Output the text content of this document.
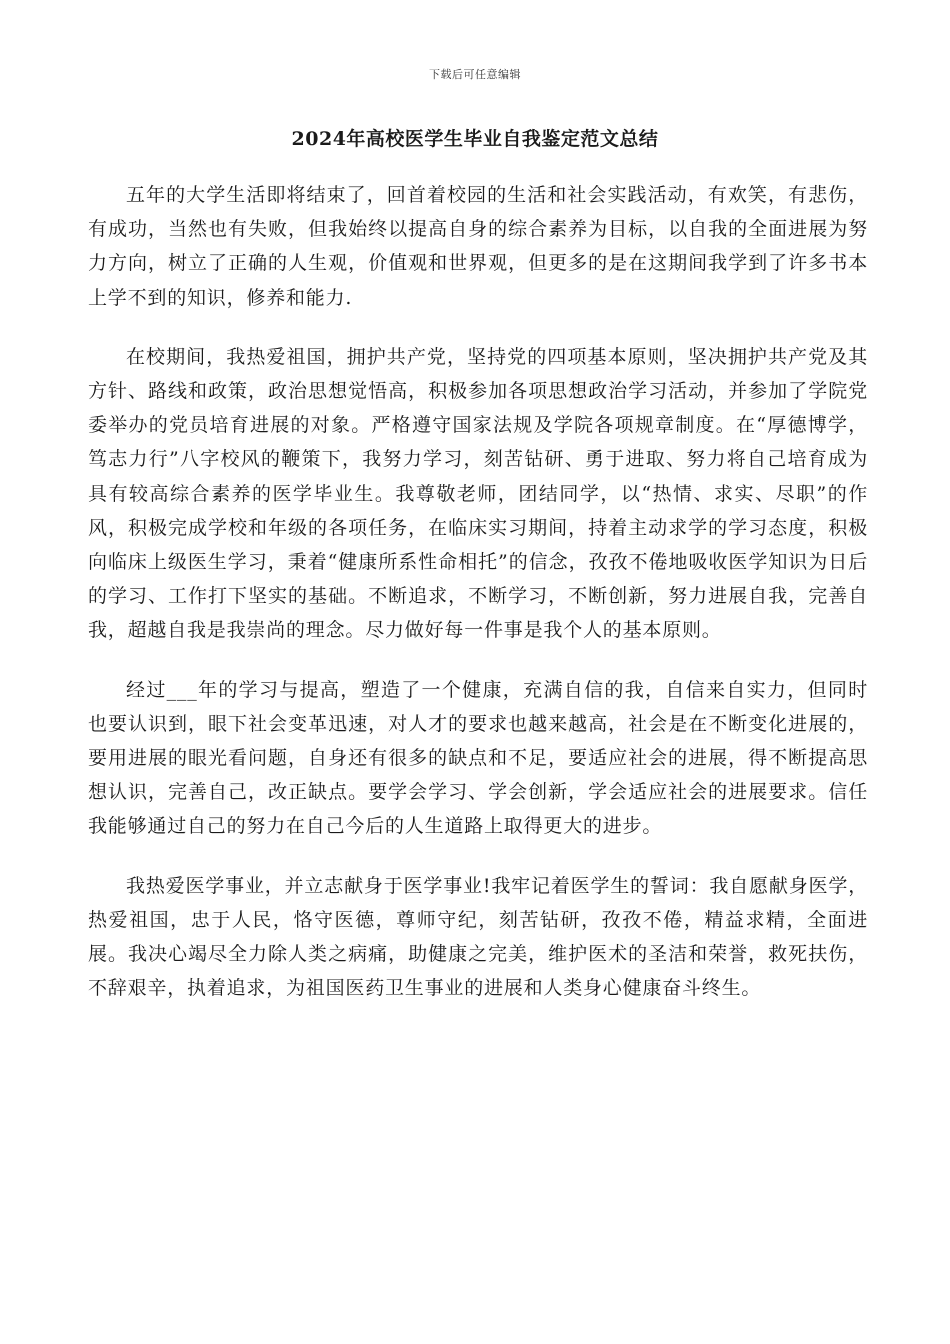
下载后可任意编辑
2024年高校医学生毕业自我鉴定范文总结

五年的大学生活即将结束了，回首着校园的生活和社会实践活动，有欢笑，有悲伤，有成功，当然也有失败，但我始终以提高自身的综合素养为目标，以自我的全面进展为努力方向，树立了正确的人生观，价值观和世界观，但更多的是在这期间我学到了许多书本上学不到的知识，修养和能力.

在校期间，我热爱祖国，拥护共产党，坚持党的四项基本原则，坚决拥护共产党及其方针、路线和政策，政治思想觉悟高，积极参加各项思想政治学习活动，并参加了学院党委举办的党员培育进展的对象。严格遵守国家法规及学院各项规章制度。在“厚德博学，笃志力行”八字校风的鞭策下，我努力学习，刻苦钻研、勇于进取、努力将自己培育成为具有较高综合素养的医学毕业生。我尊敬老师，团结同学，以“热情、求实、尽职”的作风，积极完成学校和年级的各项任务，在临床实习期间，持着主动求学的学习态度，积极向临床上级医生学习，秉着“健康所系性命相托”的信念，孜孜不倦地吸收医学知识为日后的学习、工作打下坚实的基础。不断追求，不断学习，不断创新，努力进展自我，完善自我，超越自我是我崇尚的理念。尽力做好每一件事是我个人的基本原则。

经过___年的学习与提高，塑造了一个健康，充满自信的我，自信来自实力，但同时也要认识到，眼下社会变革迅速，对人才的要求也越来越高，社会是在不断变化进展的，要用进展的眼光看问题，自身还有很多的缺点和不足，要适应社会的进展，得不断提高思想认识，完善自己，改正缺点。要学会学习、学会创新，学会适应社会的进展要求。信任我能够通过自己的努力在自己今后的人生道路上取得更大的进步。

我热爱医学事业，并立志献身于医学事业!我牢记着医学生的誓词：我自愿献身医学，热爱祖国，忠于人民，恪守医德，尊师守纪，刻苦钻研，孜孜不倦，精益求精，全面进展。我决心竭尽全力除人类之病痛，助健康之完美，维护医术的圣洁和荣誉，救死扶伤，不辞艰辛，执着追求，为祖国医药卫生事业的进展和人类身心健康奋斗终生。
